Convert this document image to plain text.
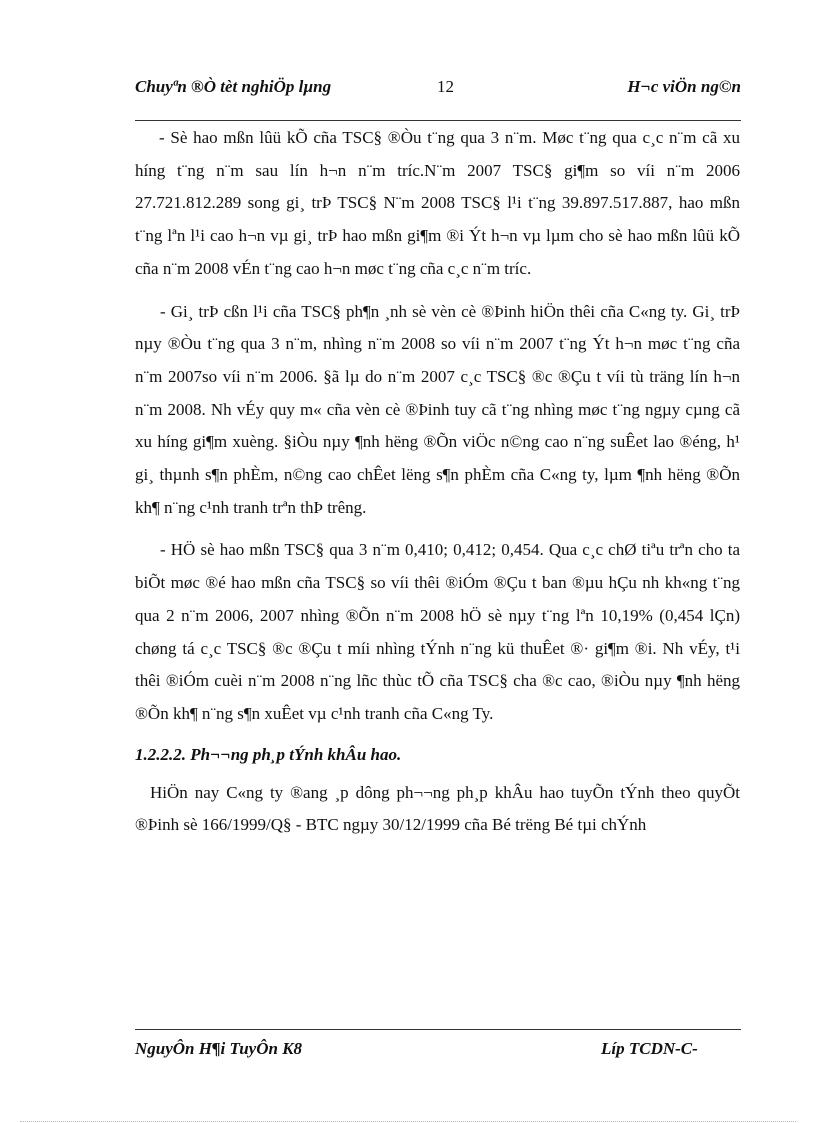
Chuyªn ®Ò tèt nghiÖp lµng	12	H¬c viÖn ng©n

- Sè hao mßn lûü kÕ cña TSC§ ®Òu t¨ng qua 3 n¨m. Møc t¨ng qua c¸c n¨m cã xu híng t¨ng n¨m sau lín h¬n n¨m tríc.N¨m 2007 TSC§ gi¶m so víi n¨m 2006 27.721.812.289 song gi¸ trÞ TSC§ N¨m 2008 TSC§ l¹i t¨ng 39.897.517.887, hao mßn t¨ng lªn l¹i cao h¬n vµ gi¸ trÞ hao mßn gi¶m ®i Ýt h¬n vµ lµm cho sè hao mßn lûü kÕ cña n¨m 2008 vÉn t¨ng cao h¬n møc t¨ng cña c¸c n¨m tríc.

- Gi¸ trÞ cßn l¹i cña TSC§ ph¶n ¸nh sè vèn cè ®Þinh hiÖn thêi cña C«ng ty. Gi¸ trÞ nµy ®Òu t¨ng qua 3 n¨m, nhìng n¨m 2008 so víi n¨m 2007 t¨ng Ýt h¬n møc t¨ng cña n¨m 2007so víi n¨m 2006. §ã lµ do n¨m 2007 c¸c TSC§ ®c ®Çu t víi tù träng lín h¬n n¨m 2008. Nh vÉy quy m« cña vèn cè ®Þinh tuy cã t¨ng nhìng møc t¨ng ngµy cµng cã xu híng gi¶m xuèng. §iÒu nµy ¶nh hëng ®Õn viÖc n©ng cao n¨ng suÊet lao ®éng, h¹ gi¸ thµnh s¶n phÈm, n©ng cao chÊet lëng s¶n phÈm cña C«ng ty, lµm ¶nh hëng ®Õn kh¶ n¨ng c¹nh tranh trªn thÞ trêng.

- HÖ sè hao mßn TSC§ qua 3 n¨m 0,410; 0,412; 0,454. Qua c¸c chØ tiªu trªn cho ta biÕt møc ®é hao mßn cña TSC§ so víi thêi ®iÓm ®Çu t ban ®µu hÇu nh kh«ng t¨ng qua 2 n¨m 2006, 2007 nhìng ®Õn n¨m 2008 hÖ sè nµy t¨ng lªn 10,19% (0,454 lÇn) chøng tá c¸c TSC§ ®c ®Çu t míi nhìng tÝnh n¨ng kü thuÊet ®· gi¶m ®i. Nh vÉy, t¹i thêi ®iÓm cuèi n¨m 2008 n¨ng lñc thùc tÕ cña TSC§ cha ®c cao, ®iÒu nµy ¶nh hëng ®Õn kh¶ n¨ng s¶n xuÊet vµ c¹nh tranh cña C«ng Ty.

1.2.2.2. Ph¬¬ng ph¸p tÝnh khÂu hao.

HiÖn nay C«ng ty ®ang ¸p dông ph¬¬ng ph¸p khÂu hao tuyÕn tÝnh theo quyÕt ®Þinh sè 166/1999/Q§ - BTC ngµy 30/12/1999 cña Bé trëng Bé tµi chÝnh

NguyÔn H¶i TuyÔn K8	Líp TCDN-C-
